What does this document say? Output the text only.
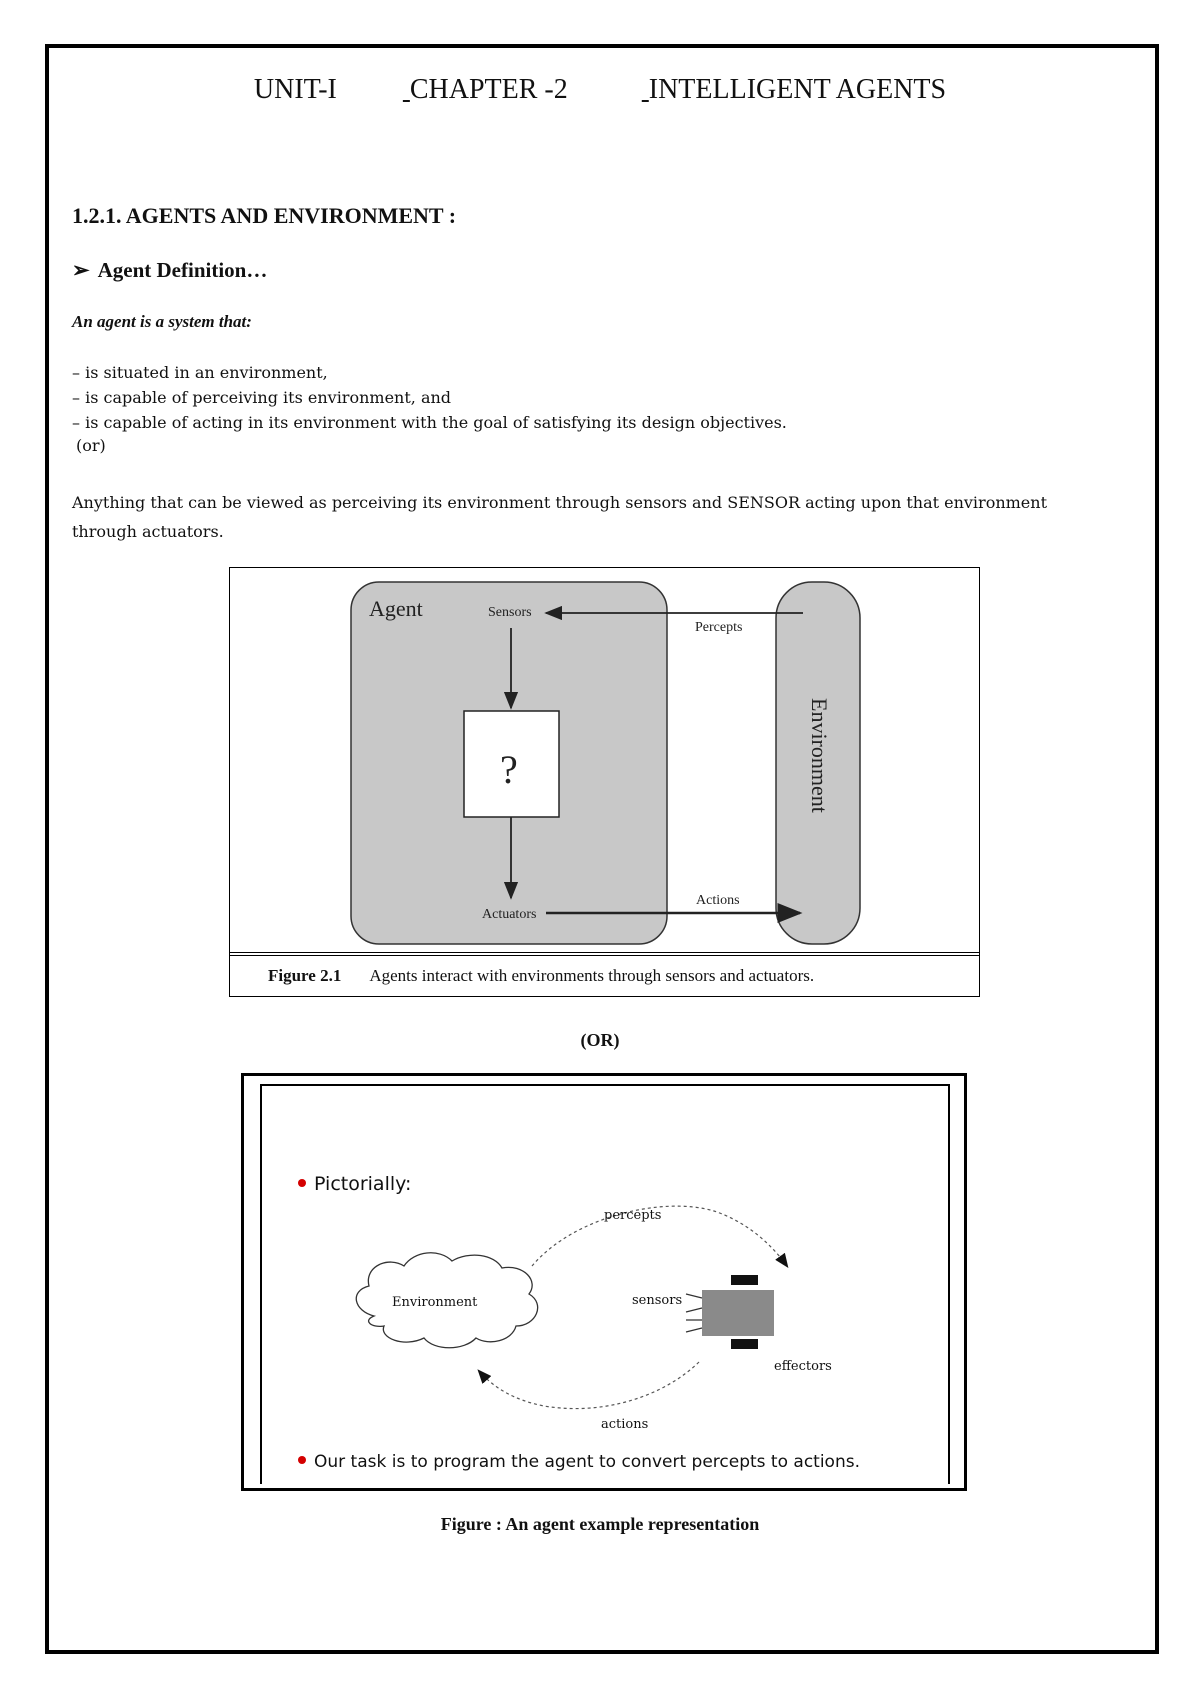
UNIT-I	CHAPTER -2	INTELLIGENT AGENTS
1.2.1. AGENTS AND ENVIRONMENT :
➢ Agent Definition…
An agent is a system that:
– is situated in an environment,
– is capable of perceiving its environment, and
– is capable of acting in its environment with the goal of satisfying its design objectives.
(or)
Anything that can be viewed as perceiving its environment through sensors and SENSOR acting upon that environment through actuators.
Agent	Sensors
Percepts
?	Environment
Actuators
Actions
Figure 2.1 Agents interact with environments through sensors and actuators.
(OR)
Pictorially:
percepts
Environment	sensors
effectors
actions
Our task is to program the agent to convert percepts to actions.
Figure : An agent example representation
